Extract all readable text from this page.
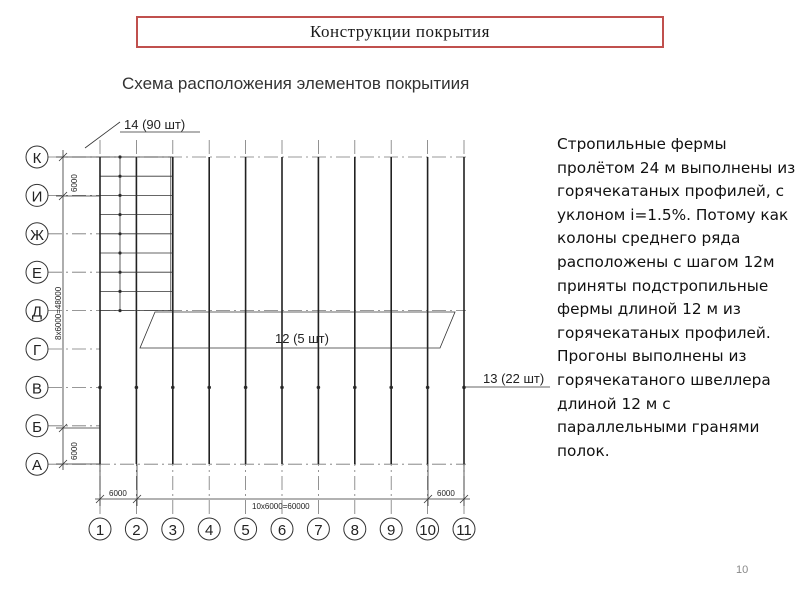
Конструкции покрытия
Схема расположения элементов покрытиия
К
И
Ж
Е
Д
Г
В
Б
А
1 2 3 4 5 6 7 8 9 10 11
6000
8х6000=48000
6000
6000
10х6000=60000
6000
14 (90 шт)
12 (5 шт)
13 (22 шт)

Стропильные фермы пролётом 24 м выполнены из горячекатаных профилей, с уклоном i=1.5%. Потому как колоны среднего ряда расположены с шагом 12м приняты подстропильные фермы длиной 12 м из горячекатаных профилей.

Прогоны выполнены из горячекатаного швеллера длиной 12 м с параллельными гранями полок.

10
